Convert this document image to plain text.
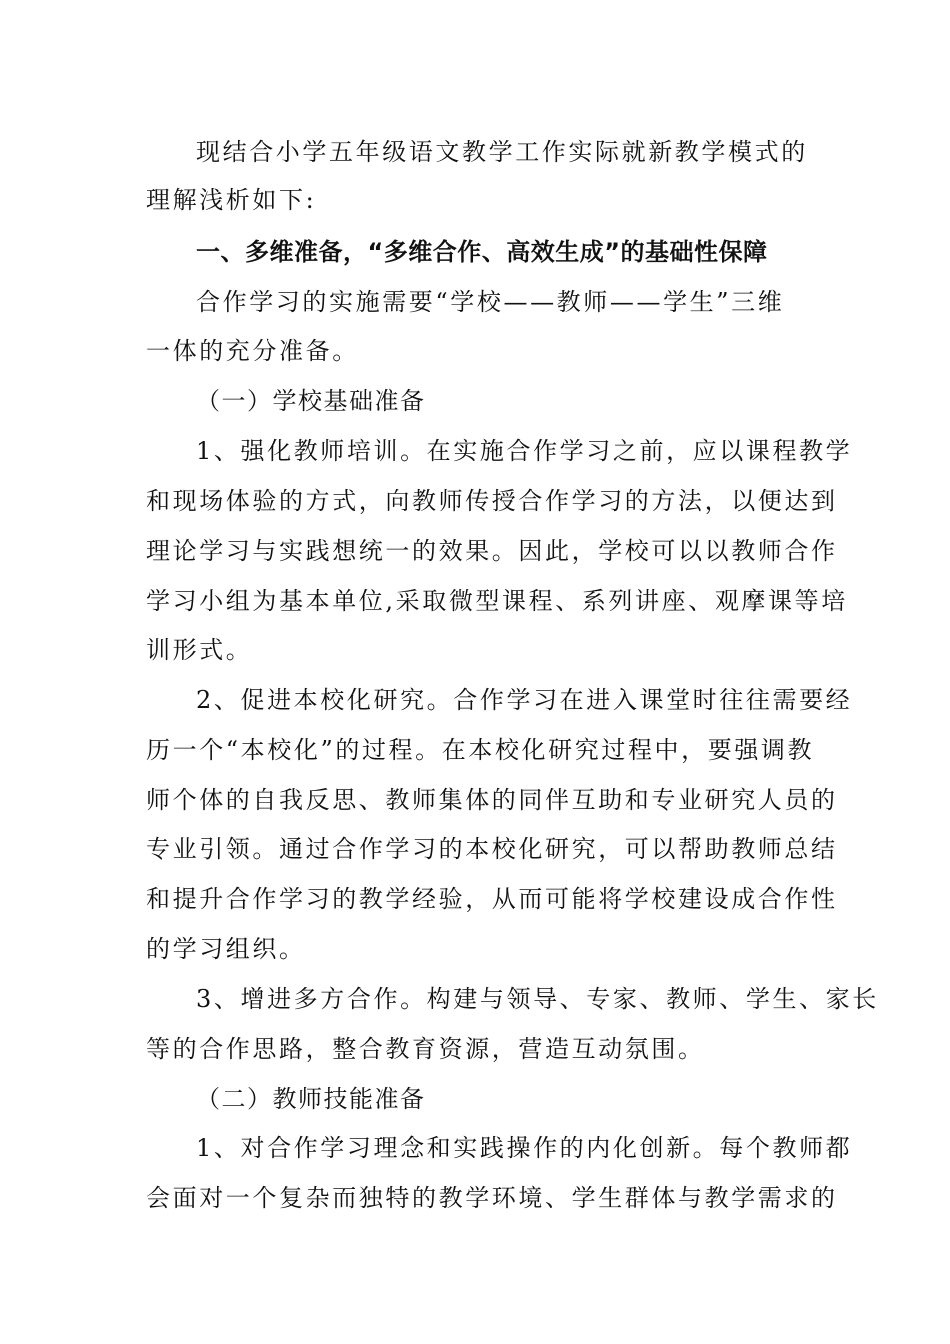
现结合小学五年级语文教学工作实际就新教学模式的
理解浅析如下:
一、多维准备，“多维合作、高效生成”的基础性保障
合作学习的实施需要“学校——教师——学生”三维
一体的充分准备。
（一）学校基础准备
1、强化教师培训。在实施合作学习之前，应以课程教学
和现场体验的方式，向教师传授合作学习的方法，以便达到
理论学习与实践想统一的效果。因此，学校可以以教师合作
学习小组为基本单位,采取微型课程、系列讲座、观摩课等培
训形式。
2、促进本校化研究。合作学习在进入课堂时往往需要经
历一个“本校化”的过程。在本校化研究过程中，要强调教
师个体的自我反思、教师集体的同伴互助和专业研究人员的
专业引领。通过合作学习的本校化研究，可以帮助教师总结
和提升合作学习的教学经验，从而可能将学校建设成合作性
的学习组织。
3、增进多方合作。构建与领导、专家、教师、学生、家长
等的合作思路，整合教育资源，营造互动氛围。
（二）教师技能准备
1、对合作学习理念和实践操作的内化创新。每个教师都
会面对一个复杂而独特的教学环境、学生群体与教学需求的
